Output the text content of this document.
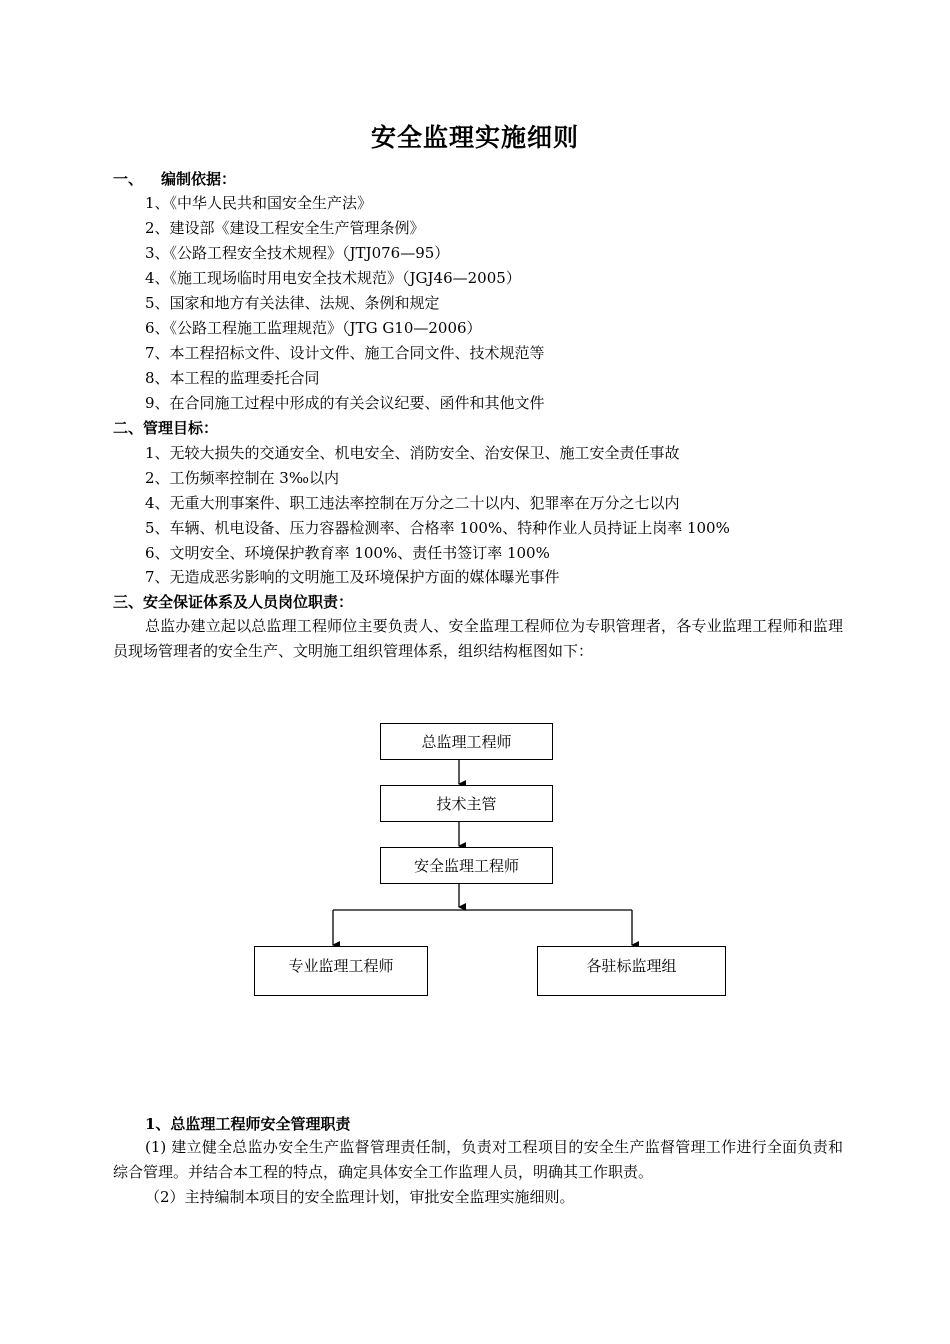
安全监理实施细则
一、 编制依据：
1、《中华人民共和国安全生产法》
2、建设部《建设工程安全生产管理条例》
3、《公路工程安全技术规程》（JTJ076—95）
4、《施工现场临时用电安全技术规范》（JGJ46—2005）
5、国家和地方有关法律、法规、条例和规定
6、《公路工程施工监理规范》（JTG G10—2006）
7、本工程招标文件、设计文件、施工合同文件、技术规范等
8、本工程的监理委托合同
9、在合同施工过程中形成的有关会议纪要、函件和其他文件
二、管理目标：
1、无较大损失的交通安全、机电安全、消防安全、治安保卫、施工安全责任事故
2、工伤频率控制在 3‰以内
4、无重大刑事案件、职工违法率控制在万分之二十以内、犯罪率在万分之七以内
5、车辆、机电设备、压力容器检测率、合格率 100%、特种作业人员持证上岗率 100%
6、文明安全、环境保护教育率 100%、责任书签订率 100%
7、无造成恶劣影响的文明施工及环境保护方面的媒体曝光事件
三、安全保证体系及人员岗位职责：
总监办建立起以总监理工程师位主要负责人、安全监理工程师位为专职管理者，各专业监理工程师和监理员现场管理者的安全生产、文明施工组织管理体系，组织结构框图如下：
总监理工程师
技术主管
安全监理工程师
专业监理工程师	各驻标监理组
1、总监理工程师安全管理职责
(1) 建立健全总监办安全生产监督管理责任制，负责对工程项目的安全生产监督管理工作进行全面负责和综合管理。并结合本工程的特点，确定具体安全工作监理人员，明确其工作职责。
（2）主持编制本项目的安全监理计划，审批安全监理实施细则。
